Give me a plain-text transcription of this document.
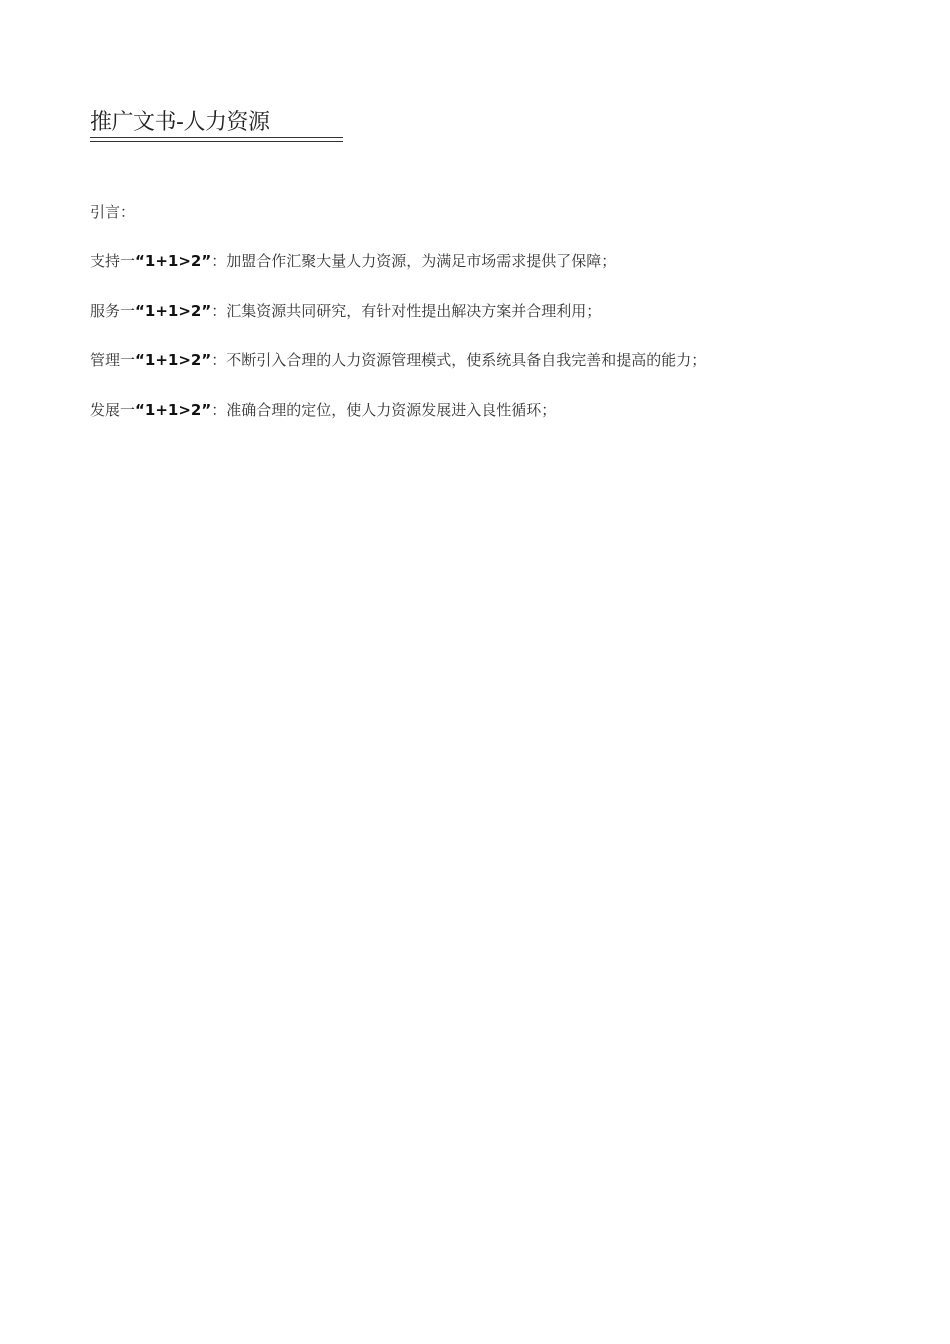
推广文书-人力资源
引言：
支持一“1+1>2”：加盟合作汇聚大量人力资源，为满足市场需求提供了保障；
服务一“1+1>2”：汇集资源共同研究，有针对性提出解决方案并合理利用；
管理一“1+1>2”：不断引入合理的人力资源管理模式，使系统具备自我完善和提高的能力；
发展一“1+1>2”：准确合理的定位，使人力资源发展进入良性循环；
